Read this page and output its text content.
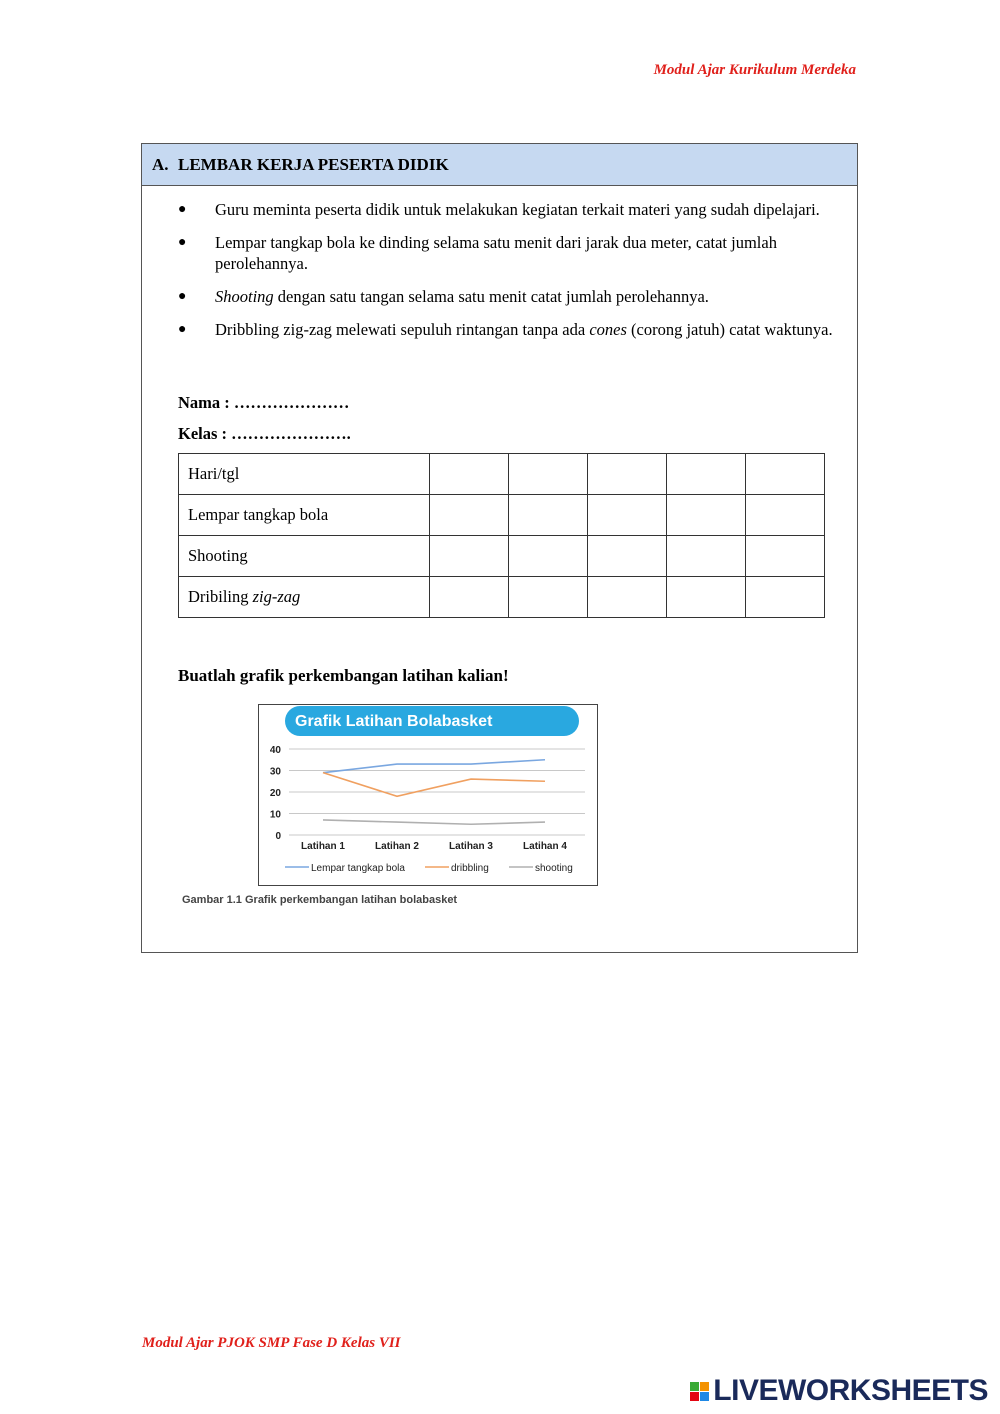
Modul Ajar Kurikulum Merdeka
A. LEMBAR KERJA PESERTA DIDIK
● Guru meminta peserta didik untuk melakukan kegiatan terkait materi yang sudah dipelajari.
● Lempar tangkap bola ke dinding selama satu menit dari jarak dua meter, catat jumlah perolehannya.
● Shooting dengan satu tangan selama satu menit catat jumlah perolehannya.
● Dribbling zig-zag melewati sepuluh rintangan tanpa ada cones (corong jatuh) catat waktunya.
Nama : …………………
Kelas : ………………….
Hari/tgl					
Lempar tangkap bola					
Shooting					
Dribiling zig-zag					
Buatlah grafik perkembangan latihan kalian!
Grafik Latihan Bolabasket
40
30
20
10
0
Latihan 1	Latihan 2	Latihan 3	Latihan 4
Lempar tangkap bola	dribbling	shooting
Gambar 1.1 Grafik perkembangan latihan bolabasket
Modul Ajar PJOK SMP Fase D Kelas VII
LIVEWORKSHEETS
